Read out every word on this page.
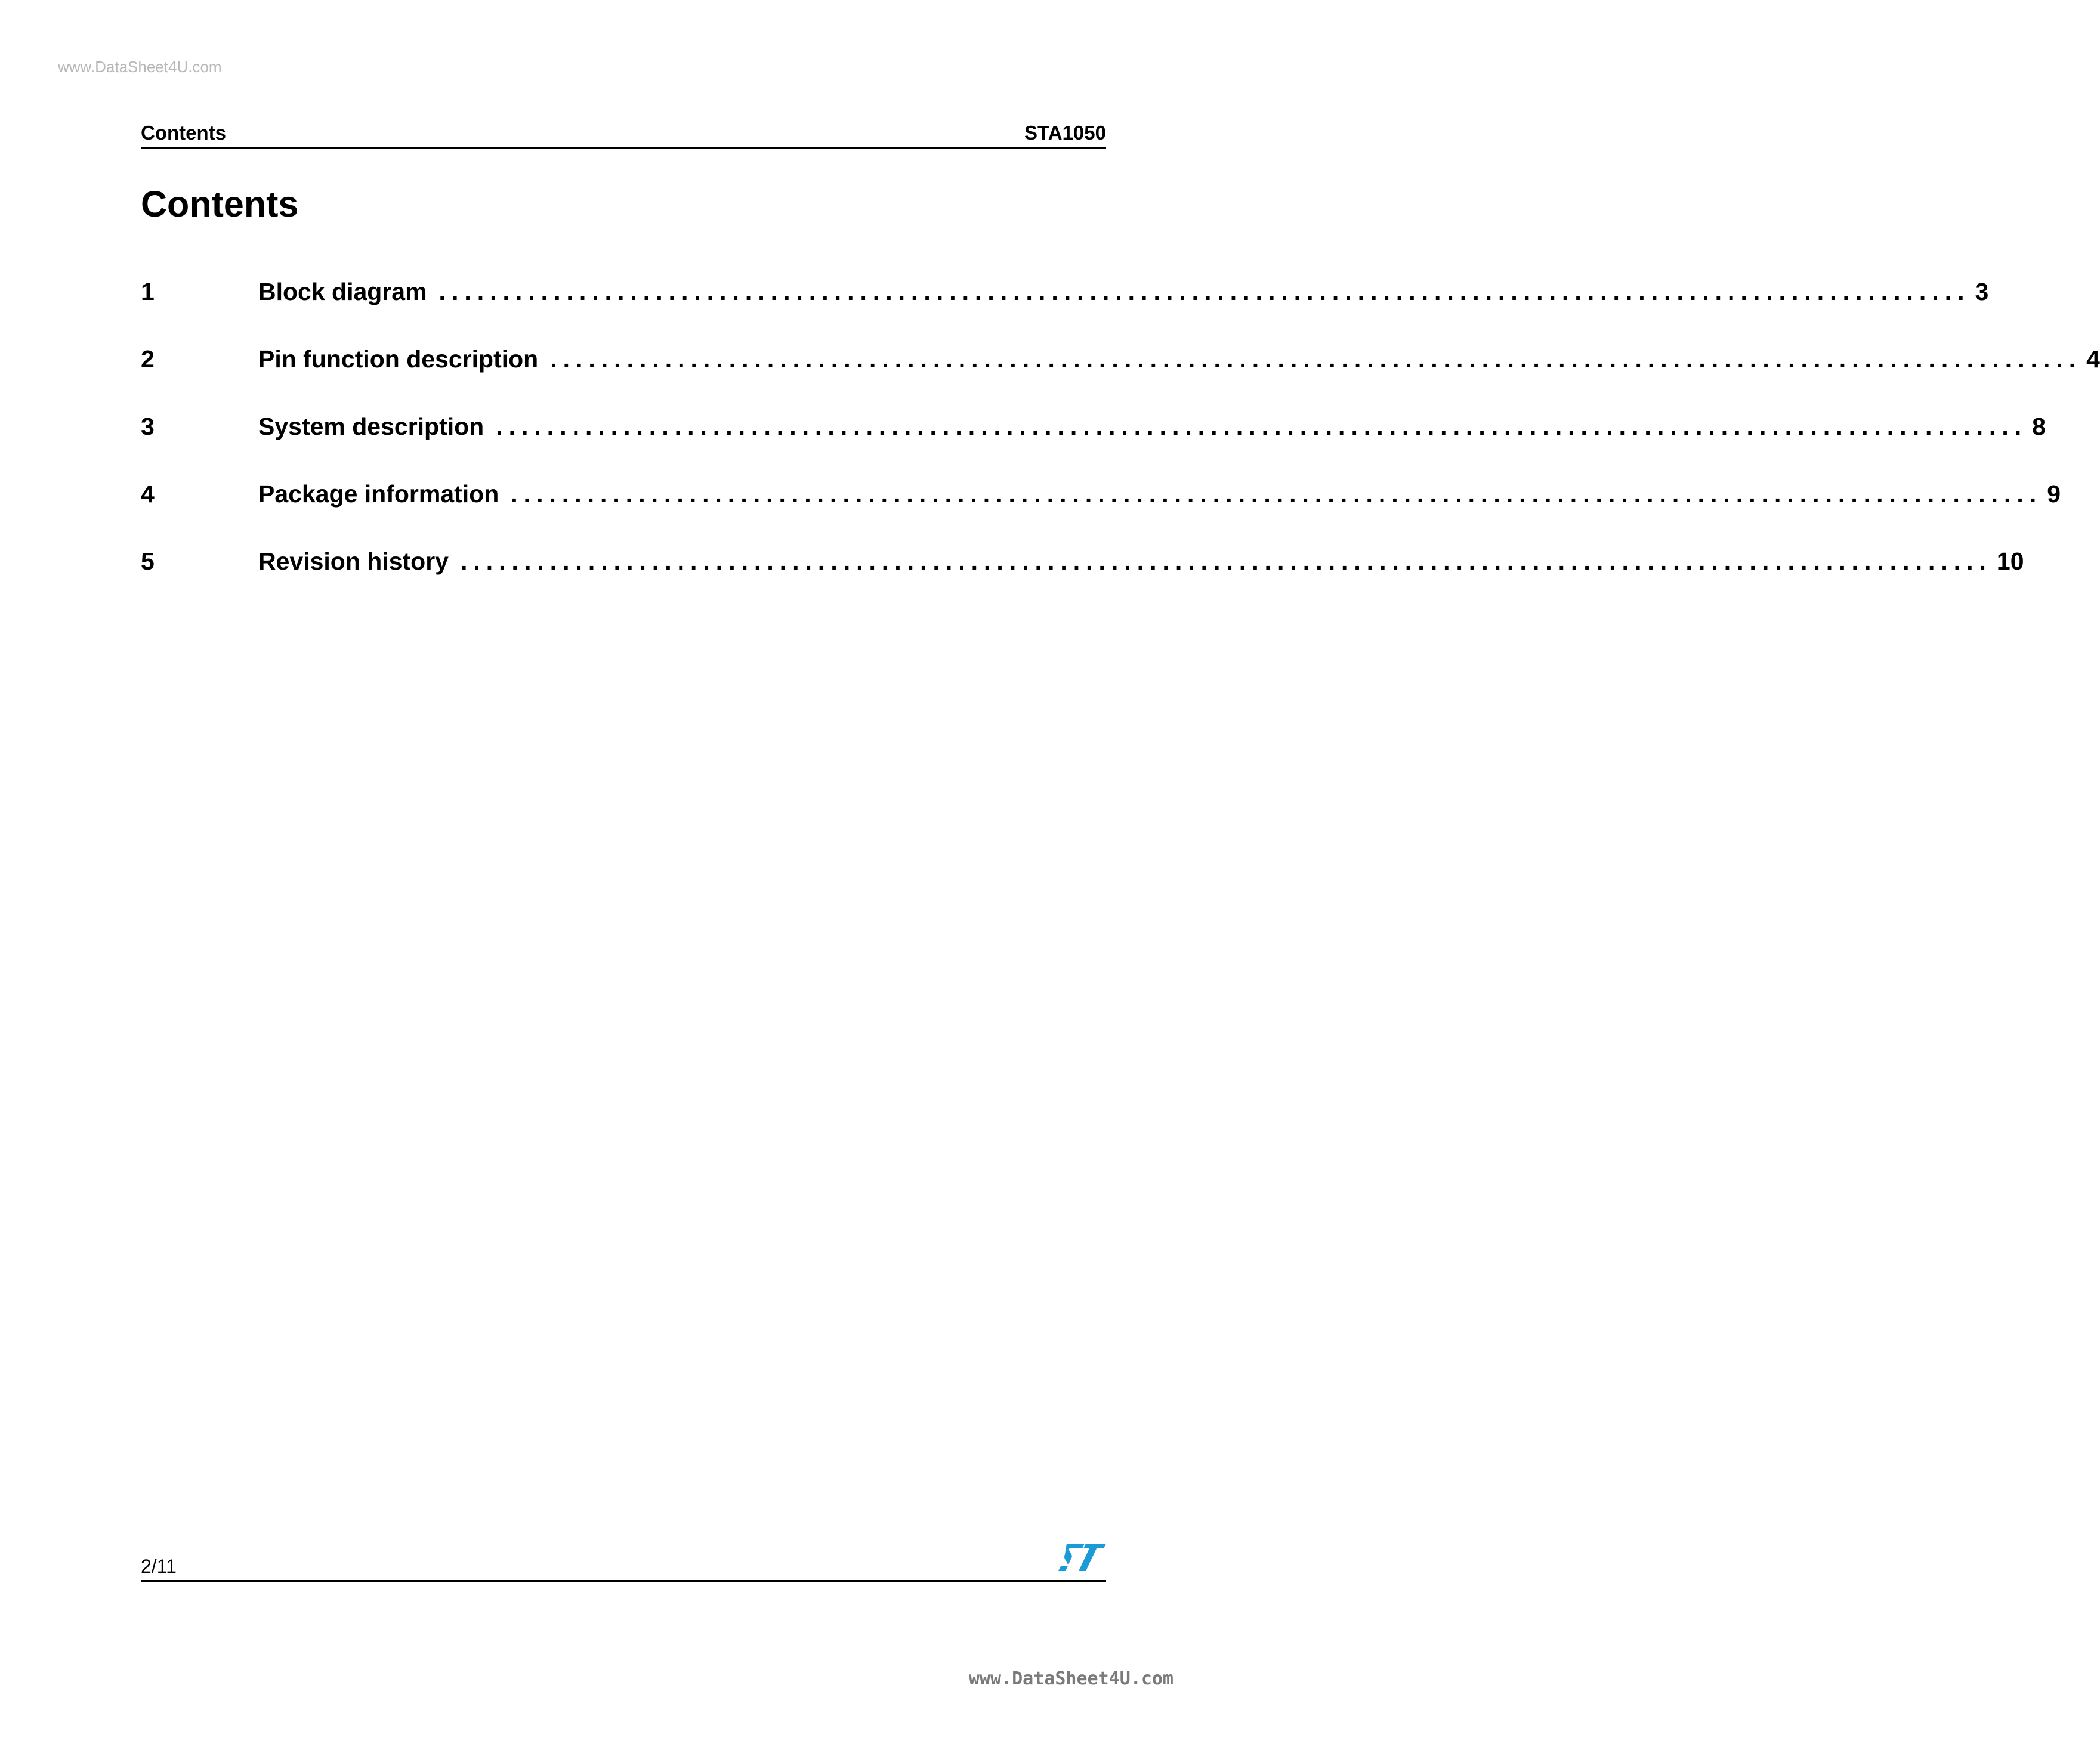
www.DataSheet4U.com
Contents	STA1050
Contents
1	Block diagram ........................................................................................................................ 3
2	Pin function description ........................................................................................................................ 4
3	System description ........................................................................................................................ 8
4	Package information ........................................................................................................................ 9
5	Revision history ........................................................................................................................ 10
2/11
www.DataSheet4U.com
